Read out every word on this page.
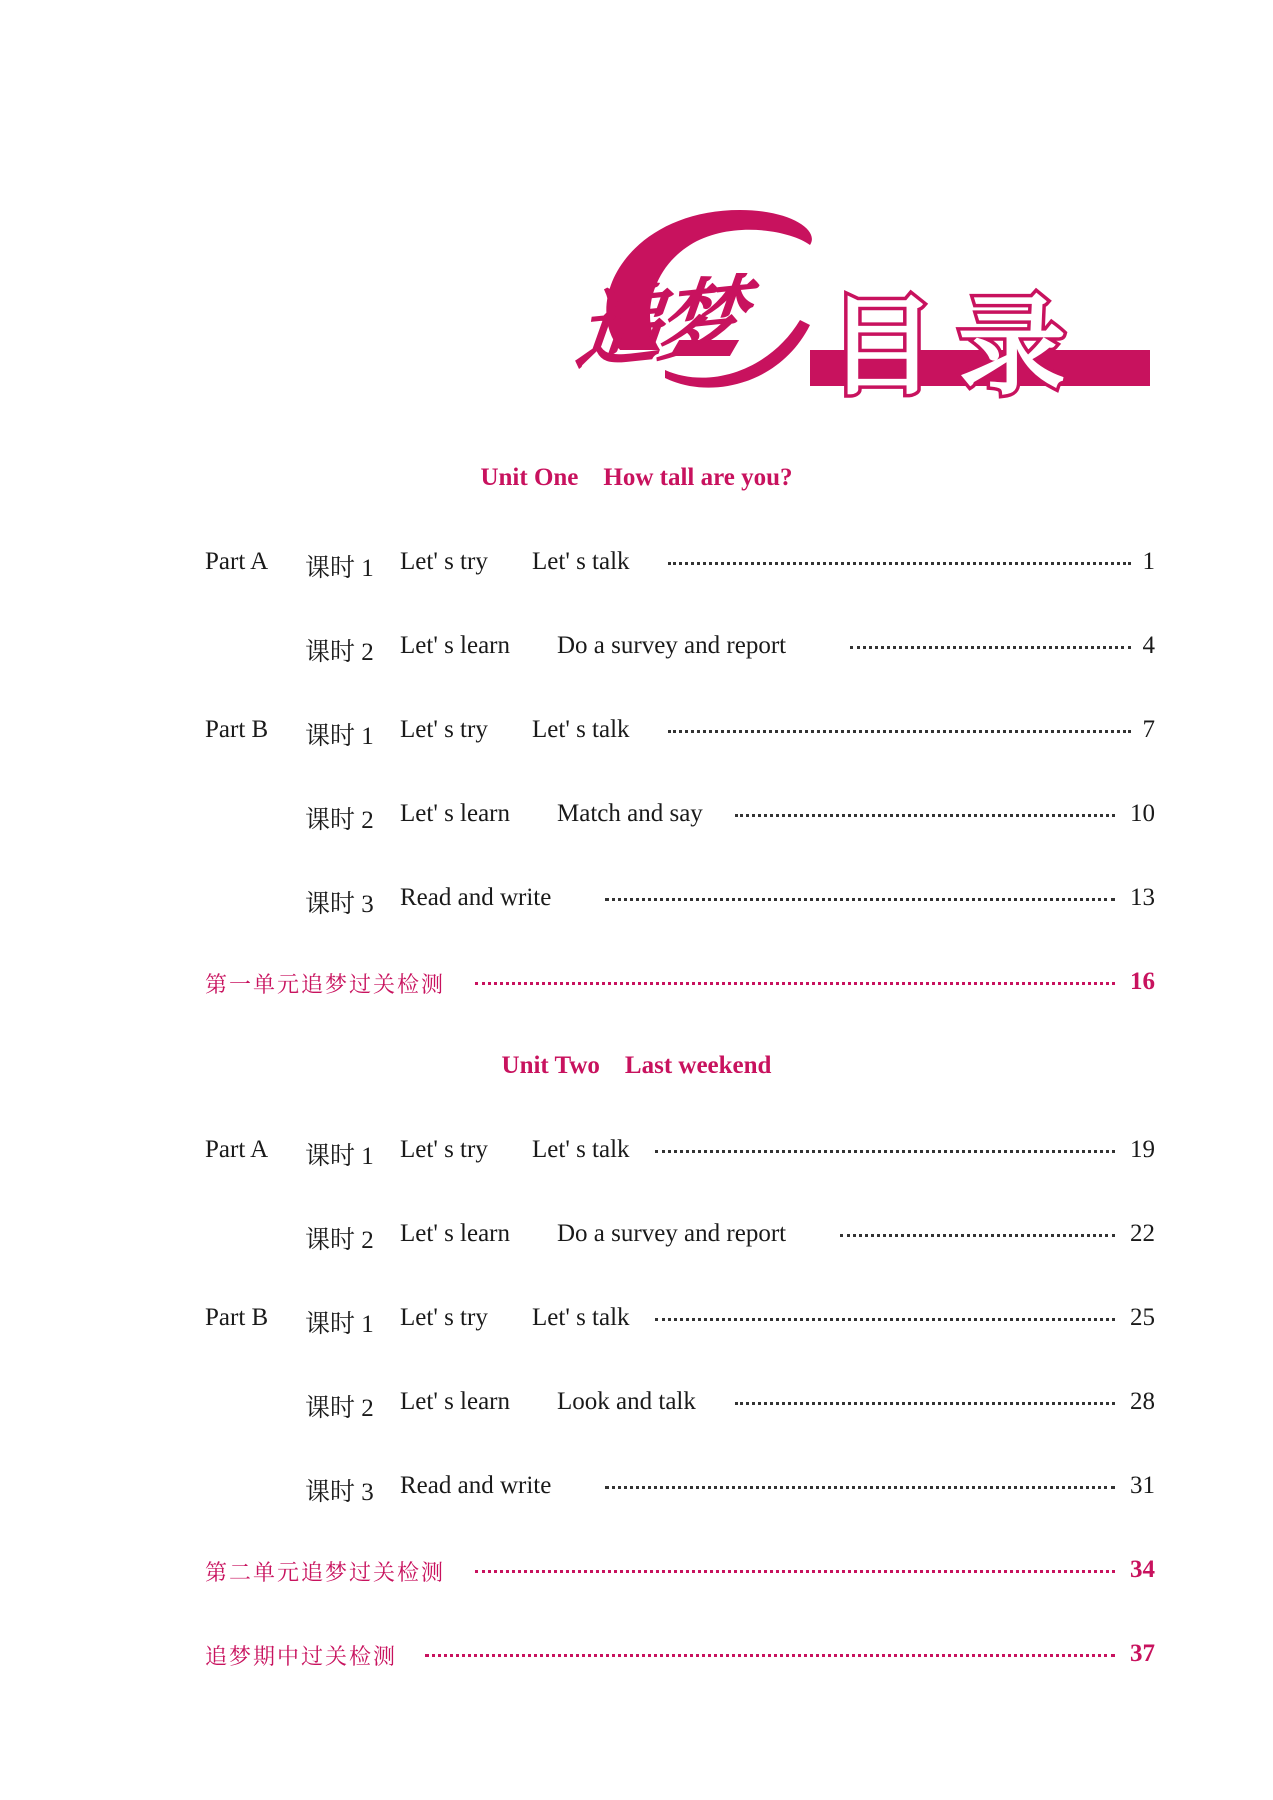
追梦 目录
Unit One    How tall are you?
Part A 课时 1 Let' s try Let' s talk	1
课时 2 Let' s learn Do a survey and report	4
Part B 课时 1 Let' s try Let' s talk	7
课时 2 Let' s learn Match and say	10
课时 3 Read and write	13
第一单元追梦过关检测	16
Unit Two    Last weekend
Part A 课时 1 Let' s try Let' s talk	19
课时 2 Let' s learn Do a survey and report	22
Part B 课时 1 Let' s try Let' s talk	25
课时 2 Let' s learn Look and talk	28
课时 3 Read and write	31
第二单元追梦过关检测	34
追梦期中过关检测	37
